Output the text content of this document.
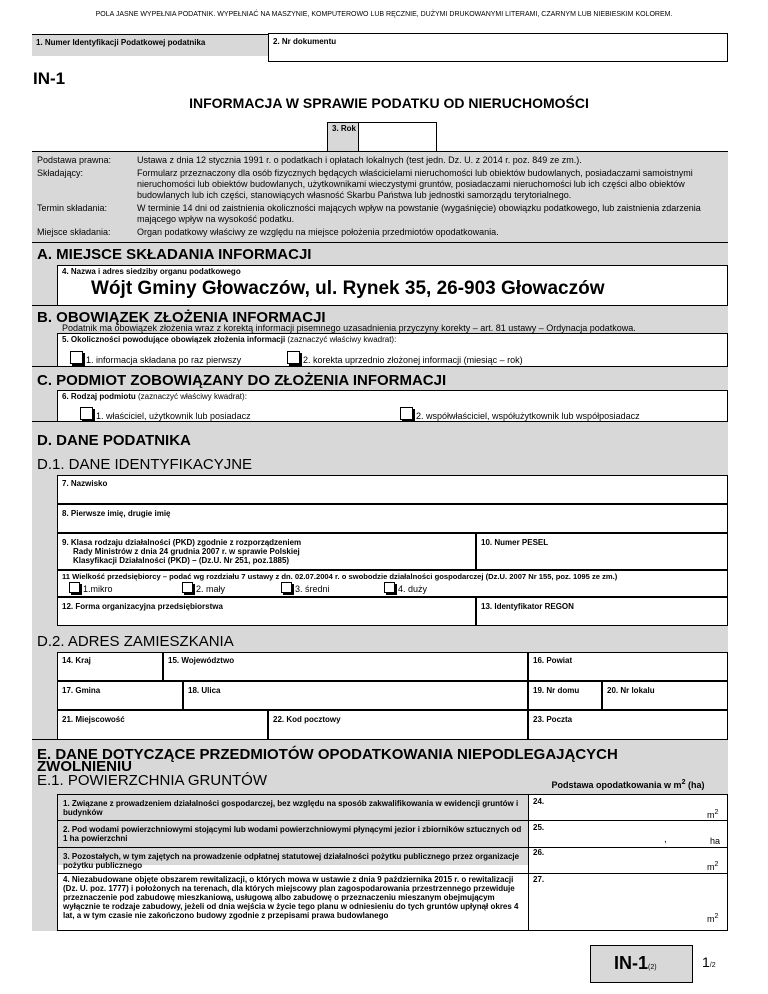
POLA JASNE WYPEŁNIA PODATNIK. WYPEŁNIAĆ NA MASZYNIE, KOMPUTEROWO LUB RĘCZNIE, DUŻYMI DRUKOWANYMI LITERAMI, CZARNYM LUB NIEBIESKIM KOLOREM.
1. Numer Identyfikacji Podatkowej podatnika	2. Nr dokumentu
IN-1
INFORMACJA W SPRAWIE PODATKU OD NIERUCHOMOŚCI
3. Rok
Podstawa prawna:	Ustawa z dnia 12 stycznia 1991 r. o podatkach i opłatach lokalnych (test jedn. Dz. U. z 2014 r. poz. 849 ze zm.).
Składający:	Formularz przeznaczony dla osób fizycznych będących właścicielami nieruchomości lub obiektów budowlanych, posiadaczami samoistnymi nieruchomości lub obiektów budowlanych, użytkownikami wieczystymi gruntów, posiadaczami nieruchomości lub ich części albo obiektów budowlanych lub ich części, stanowiących własność Skarbu Państwa lub jednostki samorządu terytorialnego.
Termin składania:	W terminie 14 dni od zaistnienia okoliczności mających wpływ na powstanie (wygaśnięcie) obowiązku podatkowego, lub zaistnienia zdarzenia mającego wpływ na wysokość podatku.
Miejsce składania:	Organ podatkowy właściwy ze względu na miejsce położenia przedmiotów opodatkowania.
A. MIEJSCE SKŁADANIA INFORMACJI
4. Nazwa i adres siedziby organu podatkowego
Wójt Gminy Głowaczów, ul. Rynek 35, 26-903 Głowaczów
B. OBOWIĄZEK ZŁOŻENIA INFORMACJI
Podatnik ma obowiązek złożenia wraz z korektą informacji pisemnego uzasadnienia przyczyny korekty – art. 81 ustawy – Ordynacja podatkowa.
5. Okoliczności powodujące obowiązek złożenia informacji (zaznaczyć właściwy kwadrat):
1. informacja składana po raz pierwszy	2. korekta uprzednio złożonej informacji (miesiąc – rok)
C. PODMIOT ZOBOWIĄZANY DO ZŁOŻENIA INFORMACJI
6. Rodzaj podmiotu (zaznaczyć właściwy kwadrat):
1. właściciel, użytkownik lub posiadacz	2. współwłaściciel, współużytkownik lub współposiadacz
D. DANE PODATNIKA
D.1. DANE IDENTYFIKACYJNE
7. Nazwisko
8. Pierwsze imię, drugie imię
9. Klasa rodzaju działalności (PKD) zgodnie z rozporządzeniem
Rady Ministrów z dnia 24 grudnia 2007 r. w sprawie Polskiej
Klasyfikacji Działalności (PKD) – (Dz.U. Nr 251, poz.1885)
10. Numer PESEL
11 Wielkość przedsiębiorcy – podać wg rozdziału 7 ustawy z dn. 02.07.2004 r. o swobodzie działalności gospodarczej (Dz.U. 2007 Nr 155, poz. 1095 ze zm.)
1.mikro	2. mały	3. średni	4. duży
12. Forma organizacyjna przedsiębiorstwa	13. Identyfikator REGON
D.2. ADRES ZAMIESZKANIA
14. Kraj	15. Województwo	16. Powiat
17. Gmina	18. Ulica	19. Nr domu	20. Nr lokalu
21. Miejscowość	22. Kod pocztowy	23. Poczta
E. DANE DOTYCZĄCE PRZEDMIOTÓW OPODATKOWANIA NIEPODLEGAJĄCYCH
ZWOLNIENIU
E.1. POWIERZCHNIA GRUNTÓW	Podstawa opodatkowania w $m^2$ (ha)
1. Związane z prowadzeniem działalności gospodarczej, bez względu na sposób zakwalifikowania w ewidencji gruntów i budynków
24.
$m^2$
2. Pod wodami powierzchniowymi stojącymi lub wodami powierzchniowymi płynącymi jezior i zbiorników sztucznych od 1 ha powierzchni
25.
,	ha
3. Pozostałych, w tym zajętych na prowadzenie odpłatnej statutowej działalności pożytku publicznego przez organizacje pożytku publicznego
26.
$m^2$
4. Niezabudowane objęte obszarem rewitalizacji, o których mowa w ustawie z dnia 9 października 2015 r. o rewitalizacji (Dz. U. poz. 1777) i położonych na terenach, dla których miejscowy plan zagospodarowania przestrzennego przewiduje przeznaczenie pod zabudowę mieszkaniową, usługową albo zabudowę o przeznaczeniu mieszanym obejmującym wyłącznie te rodzaje zabudowy, jeżeli od dnia wejścia w życie tego planu w odniesieniu do tych gruntów upłynął okres 4 lat, a w tym czasie nie zakończono budowy zgodnie z przepisami prawa budowlanego
27.
$m^2$
IN-1(2)	1/2
